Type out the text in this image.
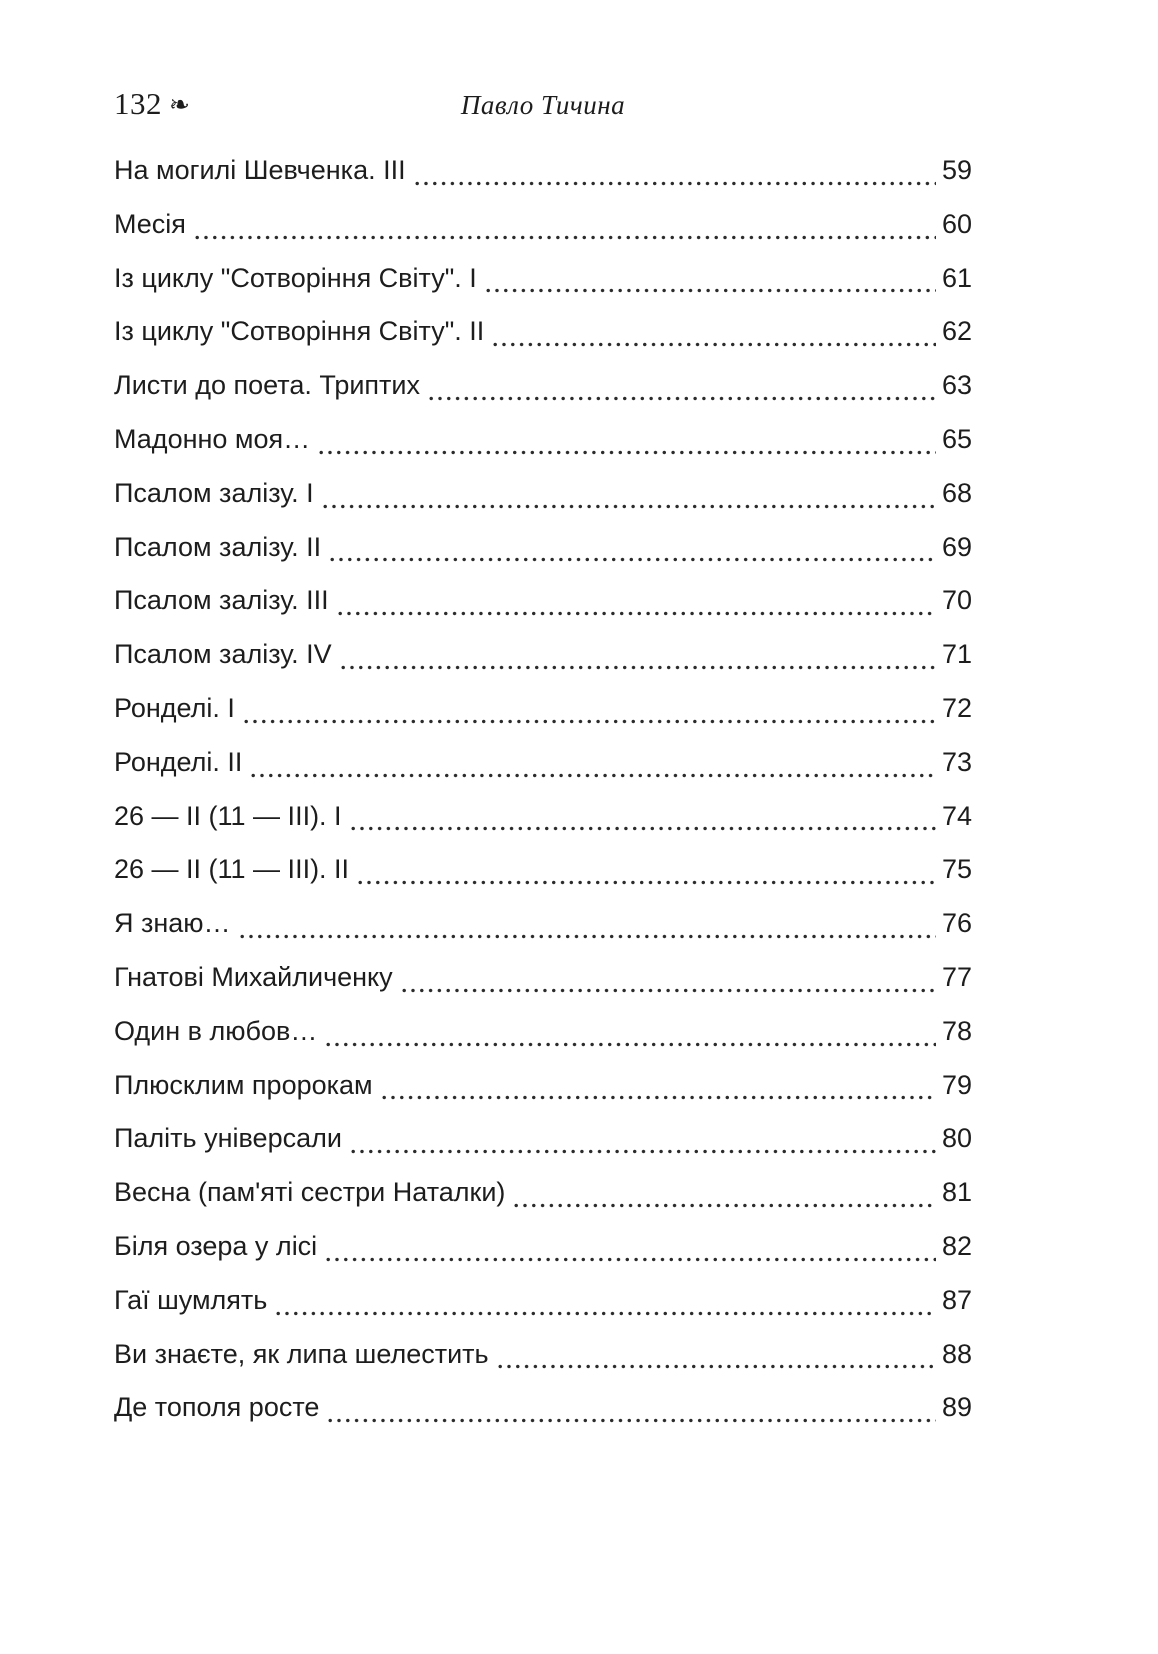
132 ❧	Павло Тичина
На могилі Шевченка. III	59
Месія	60
Із циклу "Сотворіння Світу". I	61
Із циклу "Сотворіння Світу". II	62
Листи до поета. Триптих	63
Мадонно моя…	65
Псалом залізу. I	68
Псалом залізу. II	69
Псалом залізу. III	70
Псалом залізу. IV	71
Ронделі. I	72
Ронделі. II	73
26 — II (11 — III). I	74
26 — II (11 — III). II	75
Я знаю…	76
Гнатові Михайличенку	77
Один в любов…	78
Плюсклим пророкам	79
Паліть універсали	80
Весна (пам'яті сестри Наталки)	81
Біля озера у лісі	82
Гаї шумлять	87
Ви знаєте, як липа шелестить	88
Де тополя росте	89
